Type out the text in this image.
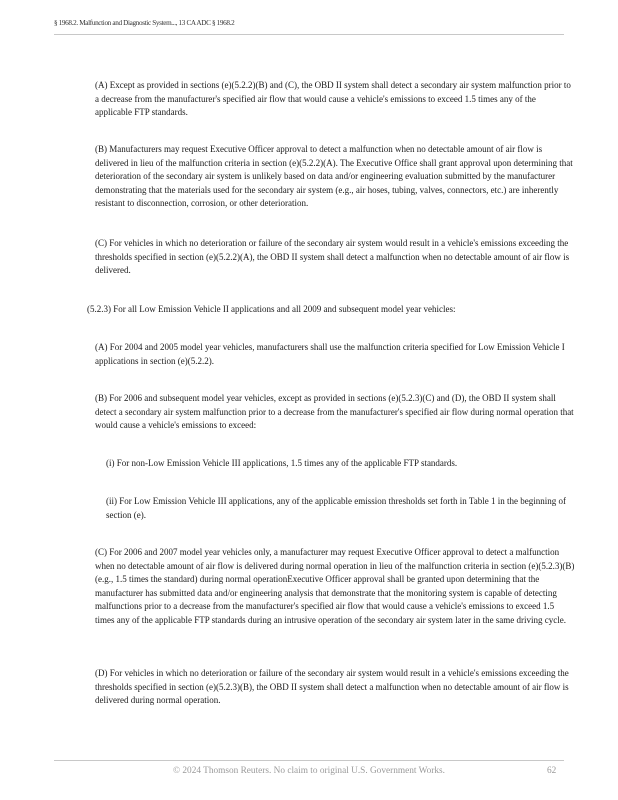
§ 1968.2. Malfunction and Diagnostic System..., 13 CA ADC § 1968.2

(A) Except as provided in sections (e)(5.2.2)(B) and (C), the OBD II system shall detect a secondary air system malfunction prior to a decrease from the manufacturer's specified air flow that would cause a vehicle's emissions to exceed 1.5 times any of the applicable FTP standards.

(B) Manufacturers may request Executive Officer approval to detect a malfunction when no detectable amount of air flow is delivered in lieu of the malfunction criteria in section (e)(5.2.2)(A). The Executive Office shall grant approval upon determining that deterioration of the secondary air system is unlikely based on data and/or engineering evaluation submitted by the manufacturer demonstrating that the materials used for the secondary air system (e.g., air hoses, tubing, valves, connectors, etc.) are inherently resistant to disconnection, corrosion, or other deterioration.

(C) For vehicles in which no deterioration or failure of the secondary air system would result in a vehicle's emissions exceeding the thresholds specified in section (e)(5.2.2)(A), the OBD II system shall detect a malfunction when no detectable amount of air flow is delivered.

(5.2.3) For all Low Emission Vehicle II applications and all 2009 and subsequent model year vehicles:

(A) For 2004 and 2005 model year vehicles, manufacturers shall use the malfunction criteria specified for Low Emission Vehicle I applications in section (e)(5.2.2).

(B) For 2006 and subsequent model year vehicles, except as provided in sections (e)(5.2.3)(C) and (D), the OBD II system shall detect a secondary air system malfunction prior to a decrease from the manufacturer's specified air flow during normal operation that would cause a vehicle's emissions to exceed:

(i) For non-Low Emission Vehicle III applications, 1.5 times any of the applicable FTP standards.

(ii) For Low Emission Vehicle III applications, any of the applicable emission thresholds set forth in Table 1 in the beginning of section (e).

(C) For 2006 and 2007 model year vehicles only, a manufacturer may request Executive Officer approval to detect a malfunction when no detectable amount of air flow is delivered during normal operation in lieu of the malfunction criteria in section (e)(5.2.3)(B) (e.g., 1.5 times the standard) during normal operationExecutive Officer approval shall be granted upon determining that the manufacturer has submitted data and/or engineering analysis that demonstrate that the monitoring system is capable of detecting malfunctions prior to a decrease from the manufacturer's specified air flow that would cause a vehicle's emissions to exceed 1.5 times any of the applicable FTP standards during an intrusive operation of the secondary air system later in the same driving cycle.

(D) For vehicles in which no deterioration or failure of the secondary air system would result in a vehicle's emissions exceeding the thresholds specified in section (e)(5.2.3)(B), the OBD II system shall detect a malfunction when no detectable amount of air flow is delivered during normal operation.

© 2024 Thomson Reuters. No claim to original U.S. Government Works.	62
